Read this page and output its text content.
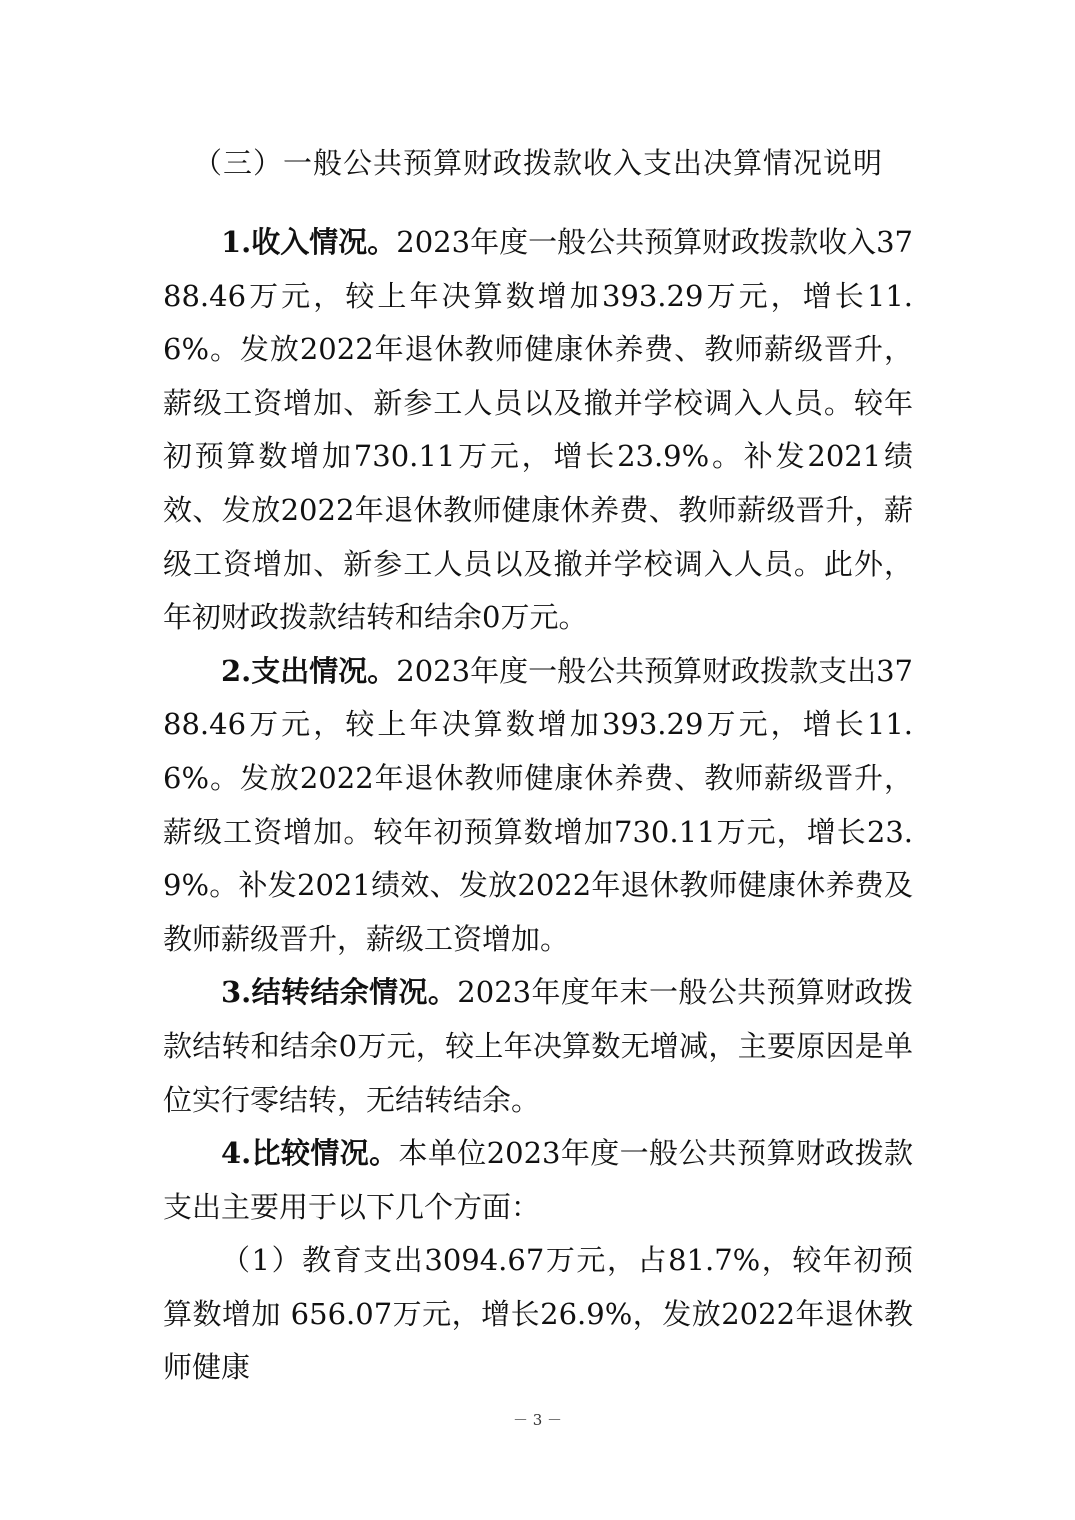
（三）一般公共预算财政拨款收入支出决算情况说明

1.收入情况。2023年度一般公共预算财政拨款收入3788.46万元，较上年决算数增加393.29万元，增长11.6%。发放2022年退休教师健康休养费、教师薪级晋升，薪级工资增加、新参工人员以及撤并学校调入人员。较年初预算数增加730.11万元，增长23.9%。补发2021绩效、发放2022年退休教师健康休养费、教师薪级晋升，薪级工资增加、新参工人员以及撤并学校调入人员。此外，年初财政拨款结转和结余0万元。

2.支出情况。2023年度一般公共预算财政拨款支出3788.46万元，较上年决算数增加393.29万元，增长11.6%。发放2022年退休教师健康休养费、教师薪级晋升，薪级工资增加。较年初预算数增加730.11万元，增长23.9%。补发2021绩效、发放2022年退休教师健康休养费及教师薪级晋升，薪级工资增加。

3.结转结余情况。2023年度年末一般公共预算财政拨款结转和结余0万元，较上年决算数无增减，主要原因是单位实行零结转，无结转结余。

4.比较情况。本单位2023年度一般公共预算财政拨款支出主要用于以下几个方面：

（1）教育支出3094.67万元，占81.7%，较年初预算数增加 656.07万元，增长26.9%，发放2022年退休教师健康

－ 3 －
